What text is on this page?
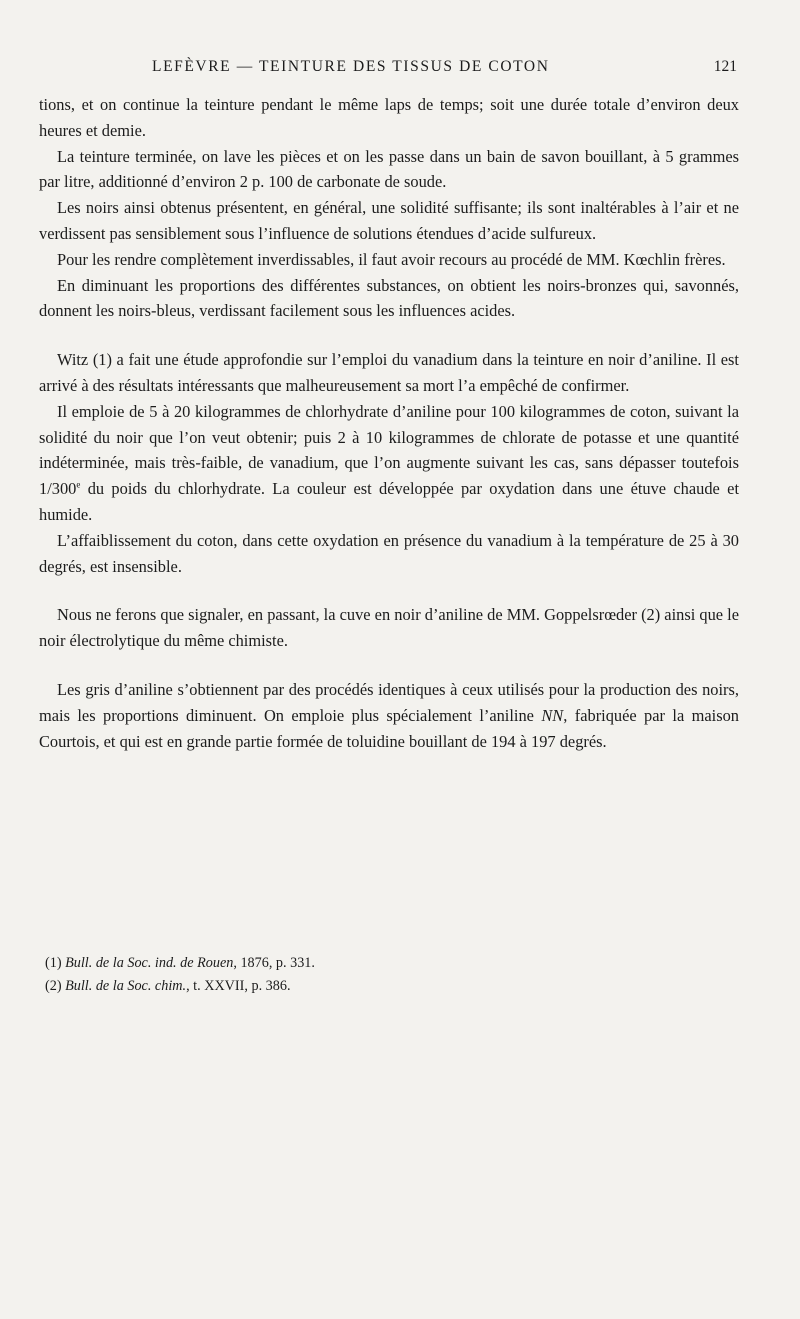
LEFÈVRE — TEINTURE DES TISSUS DE COTON	121

tions, et on continue la teinture pendant le même laps de temps; soit une durée totale d’environ deux heures et demie.

La teinture terminée, on lave les pièces et on les passe dans un bain de savon bouillant, à 5 grammes par litre, additionné d’environ 2 p. 100 de carbonate de soude.

Les noirs ainsi obtenus présentent, en général, une solidité suffisante; ils sont inaltérables à l’air et ne verdissent pas sensiblement sous l’influence de solutions étendues d’acide sulfureux.

Pour les rendre complètement inverdissables, il faut avoir recours au procédé de MM. Kœchlin frères.

En diminuant les proportions des différentes substances, on obtient les noirs-bronzes qui, savonnés, donnent les noirs-bleus, verdissant facilement sous les influences acides.

Witz (1) a fait une étude approfondie sur l’emploi du vanadium dans la teinture en noir d’aniline. Il est arrivé à des résultats intéressants que malheureusement sa mort l’a empêché de confirmer.

Il emploie de 5 à 20 kilogrammes de chlorhydrate d’aniline pour 100 kilogrammes de coton, suivant la solidité du noir que l’on veut obtenir; puis 2 à 10 kilogrammes de chlorate de potasse et une quantité indéterminée, mais très-faible, de vanadium, que l’on augmente suivant les cas, sans dépasser toutefois 1/300e du poids du chlorhydrate. La couleur est développée par oxydation dans une étuve chaude et humide.

L’affaiblissement du coton, dans cette oxydation en présence du vanadium à la température de 25 à 30 degrés, est insensible.

Nous ne ferons que signaler, en passant, la cuve en noir d’aniline de MM. Goppelsrœder (2) ainsi que le noir électrolytique du même chimiste.

Les gris d’aniline s’obtiennent par des procédés identiques à ceux utilisés pour la production des noirs, mais les proportions diminuent. On emploie plus spécialement l’aniline NN, fabriquée par la maison Courtois, et qui est en grande partie formée de toluidine bouillant de 194 à 197 degrés.

(1) Bull. de la Soc. ind. de Rouen, 1876, p. 331.

(2) Bull. de la Soc. chim., t. XXVII, p. 386.
